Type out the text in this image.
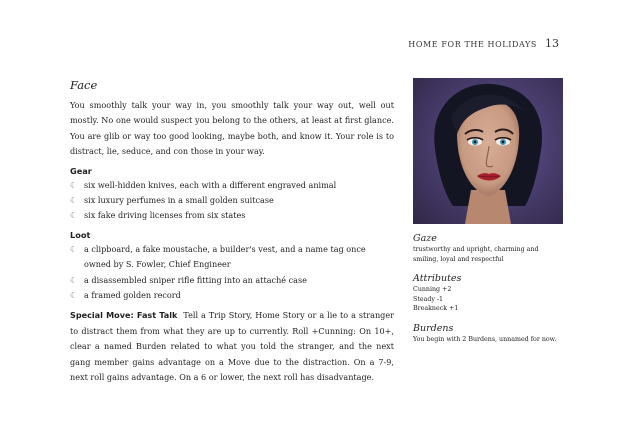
HOME FOR THE HOLIDAYS 13
Face

You smoothly talk your way in, you smoothly talk your way out, well out mostly. No one would suspect you belong to the others, at least at first glance. You are glib or way too good looking, maybe both, and know it. Your role is to distract, lie, seduce, and con those in your way.

Gear
☾ six well-hidden knives, each with a different engraved animal
☾ six luxury perfumes in a small golden suitcase
☾ six fake driving licenses from six states
Loot
☾ a clipboard, a fake moustache, a builder's vest, and a name tag once owned by S. Fowler, Chief Engineer
☾ a disassembled sniper rifle fitting into an attaché case
☾ a framed golden record

Special Move: Fast Talk Tell a Trip Story, Home Story or a lie to a stranger to distract them from what they are up to currently. Roll +Cunning: On 10+, clear a named Burden related to what you told the stranger, and the next gang member gains advantage on a Move due to the distraction. On a 7-9, next roll gains advantage. On a 6 or lower, the next roll has disadvantage.

Gaze

trustworthy and upright, charming and smiling, loyal and respectful

Attributes

Cunning +2

Steady -1

Breakneck +1

Burdens

You begin with 2 Burdens, unnamed for now.
